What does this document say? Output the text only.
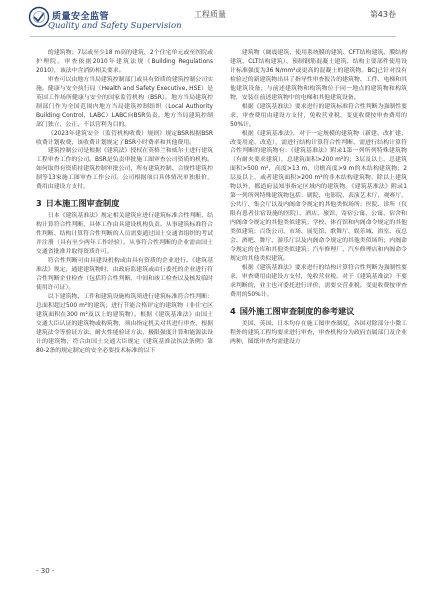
质量安全监管
Quality and Safety Supervision
工程质量	第43卷

的建筑物；7层或至少18 m高的建筑，2个住宅单元或至医院或护理院。审查依据2010年建筑法规《Building Regulations 2010》，该法中含消防相关要求。

审查可以由地方当局建筑控制部门或具有资质的建筑控制公司实施。健康与安全执行局（Health and Safety Executive, HSE）是英国工作场所健康与安全的国家监管机构（BSR）。地方当局建筑控制部门作为全国范围内地方当局建筑控制组织（Local Authority Building Control，LABC）LABC向BSR负责。地方当局建筑控制部门独立、公正、不以营利为目的。

《2023年建筑安全（监管机构收费）规则》规定BSR根据BSR收费计划收费，该收费计划规定了BSR小时费率和其他费用。

建筑控制公司是根据《建筑法》授权在英格兰和威尔士进行建筑工程审查工作的公司。BSR是负责审批施工图审查公司资质的机构。如何取得有资质持建筑控制审批公司，所有建筑控制、合规性建筑控制等13家施工图审查工作公司。公司根据项目具体情况单独报价，费用由建设方支付。

3 日本施工图审查制度

日本《建筑基准法》规定相关建筑应进行建筑标准合性判断、结构计算符合性判断，具体工作由具建设机构负责。从事建筑标准符合性判断、结构计算符合性判断的人员需要通过国土交通省组织的考试并注册（具有至少两年工作经验）。从事符合性判断的企业需由国土交通省批准并取得资质许可。

符合性判断可由具建设机构或由具有资质的企业进行。《建筑基准法》规定，通建建筑物时，由政府监建筑或由行委托的企业进行符合性判断企业检查（包括符合性判断、中间和竣工检查以及核发临时使用许可证）。

以下建筑物、工件和建筑设施构筑须进行建筑标准符合性判断：总面积超过500 m²的建筑；进行节能合格评定的建筑物（非住宅区建筑面积在300 m²及以上的建筑物）。根据《建筑基准法》由国土交通大臣认证的建筑物或构筑物，须由指定机关对其进行审查，根据建筑法令等验证方法、耐火性能验证方法、极限强度计算和能源法设计的建筑物，符合由国土交通大臣规定《建筑基准法执法条例》第80-2条的规定制定的安全必要技术标准的以下

建筑物（阔震建筑、使用系统膜的建筑、CFT结构建筑、膜结构建筑、CLT结构建筑）、预制钢筋混凝土建筑、结构主要部件使用设计标准强度为36 N/mm²或更高的混凝土的建筑物。BCJ已针对没有检验过的新建筑物出具了指导性审查报告的建筑物、工件、电梯和其他建筑设备；与前述建筑物和构筑物位于同一地点的建筑物和构筑物，安装在前述建筑物中的电梯和其他建筑设备。

根据《建筑基准法》要求进行的建筑标准符合性判断为强制性要求，审查费用由建设方支付，免收营业税，变更收费按审查费用的50%计。

根据《建筑基准法》，对于一定规模的建筑物（新建、改扩建、改变用途、改造），需进行结构计算符合性判断。需进行结构计算符合性判断的建筑物有：《建筑基准法》附录1第一列所列特殊建筑物（有耐火要求建筑），总建筑面积>200 m²的；3层及以上，总建筑面积>500 m²，高度>13 m，房檐高度>9 m的木结构建筑物；2层及以上，或者建筑面积>200 m²的非木结构建筑物。除以上建筑物以外，都道府县知事指定区域内的建筑物。《建筑基准法》附录1第一列所列特殊建筑物包括：剧院、电影院、表演艺术厅、观赛厅、公共厅、集会厅以及内阁命令规定的其他类似场所；医院、诊所（仅限有患者住宿设施的医院）、酒店、旅馆、寄宿公寓、公寓、宿舍和内阁命令规定的其他类似建筑；学校、体育馆和内阁命令规定的其他类似建筑；百货公司、市场、展览馆、歌舞厅、娱乐城、浴室、夜总会、酒吧、舞厅、游乐厅以及内阁命令规定的其他类似场所；内阁命令规定的仓库和其他类似建筑；汽车修理厂、汽车修理店和内阁命令规定的其他类似建筑。

根据《建筑基准法》要求进行的结构计算符合性判断为强制性要求，审查费用由建设方支付，免收营业税。对于《建筑基准法》不要求判断的，业主也可委托进行评价，需要交营业税。变更收费按审查费用的50%计。

4 国外施工图审查制度的参考建议

美国、英国、日本均存在施工图审查制度，各国对除部分小微工程外的建筑工程均要求进行审查，审查机构分为政府直属部门及企业两种，图纸审查均需建设方

- 30 -
